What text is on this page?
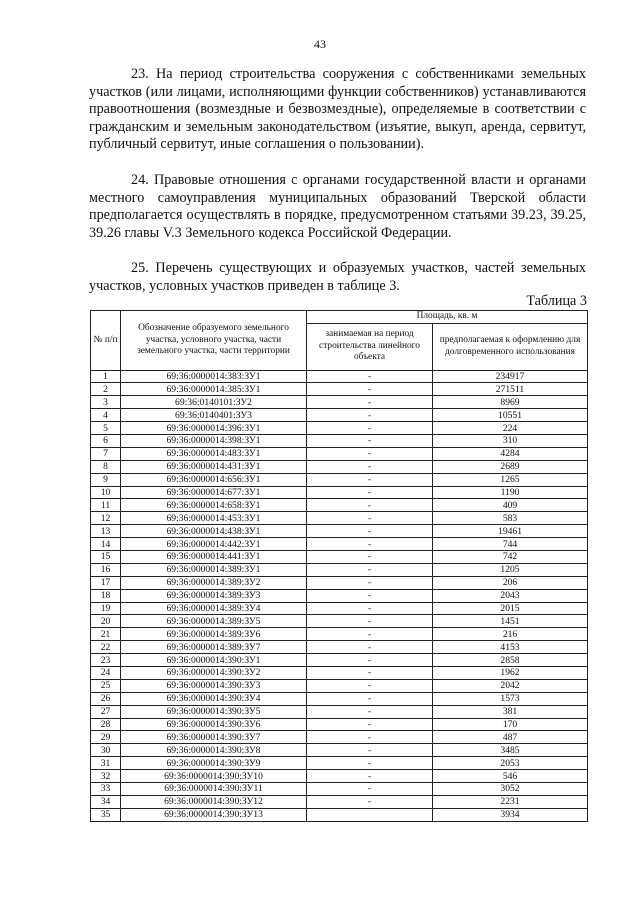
43

23. На период строительства сооружения с собственниками земельных участков (или лицами, исполняющими функции собственников) устанавливаются правоотношения (возмездные и безвозмездные), определяемые в соответствии с гражданским и земельным законодательством (изъятие, выкуп, аренда, сервитут, публичный сервитут, иные соглашения о пользовании).

24. Правовые отношения с органами государственной власти и органами местного самоуправления муниципальных образований Тверской области предполагается осуществлять в порядке, предусмотренном статьями 39.23, 39.25, 39.26 главы V.3 Земельного кодекса Российской Федерации.

25. Перечень существующих и образуемых участков, частей земельных участков, условных участков приведен в таблице 3.

Таблица 3
№ п/п	Обозначение образуемого земельного участка, условного участка, части земельного участка, части территории	Площадь, кв. м	
		занимаемая на период строительства линейного объекта	предполагаемая к оформлению для долговременного использования
1	69:36:0000014:383:ЗУ1	-	234917
2	69:36:0000014:385:ЗУ1	-	271511
3	69:36:0140101:ЗУ2	-	8969
4	69:36:0140401:ЗУ3	-	10551
5	69:36:0000014:396:ЗУ1	-	224
6	69:36:0000014:398:ЗУ1	-	310
7	69:36:0000014:483:ЗУ1	-	4284
8	69:36:0000014:431:ЗУ1	-	2689
9	69:36:0000014:656:ЗУ1	-	1265
10	69:36:0000014:677:ЗУ1	-	1190
11	69:36:0000014:658:ЗУ1	-	409
12	69:36:0000014:453:ЗУ1	-	583
13	69:36:0000014:438:ЗУ1	-	19461
14	69:36:0000014:442:ЗУ1	-	744
15	69:36:0000014:441:ЗУ1	-	742
16	69:36:0000014:389:ЗУ1	-	1205
17	69:36:0000014:389:ЗУ2	-	206
18	69:36:0000014:389:ЗУ3	-	2043
19	69:36:0000014:389:ЗУ4	-	2015
20	69:36:0000014:389:ЗУ5	-	1451
21	69:36:0000014:389:ЗУ6	-	216
22	69:36:0000014:389:ЗУ7	-	4153
23	69:36:0000014:390:ЗУ1	-	2858
24	69:36:0000014:390:ЗУ2	-	1962
25	69:36:0000014:390:ЗУ3	-	2042
26	69:36:0000014:390:ЗУ4	-	1573
27	69:36:0000014:390:ЗУ5	-	381
28	69:36:0000014:390:ЗУ6	-	170
29	69:36:0000014:390:ЗУ7	-	487
30	69:36:0000014:390:ЗУ8	-	3485
31	69:36:0000014:390:ЗУ9	-	2053
32	69:36:0000014:390:ЗУ10	-	546
33	69:36:0000014:390:ЗУ11	-	3052
34	69:36:0000014:390:ЗУ12	-	2231
35	69:36:0000014:390:ЗУ13		3934
